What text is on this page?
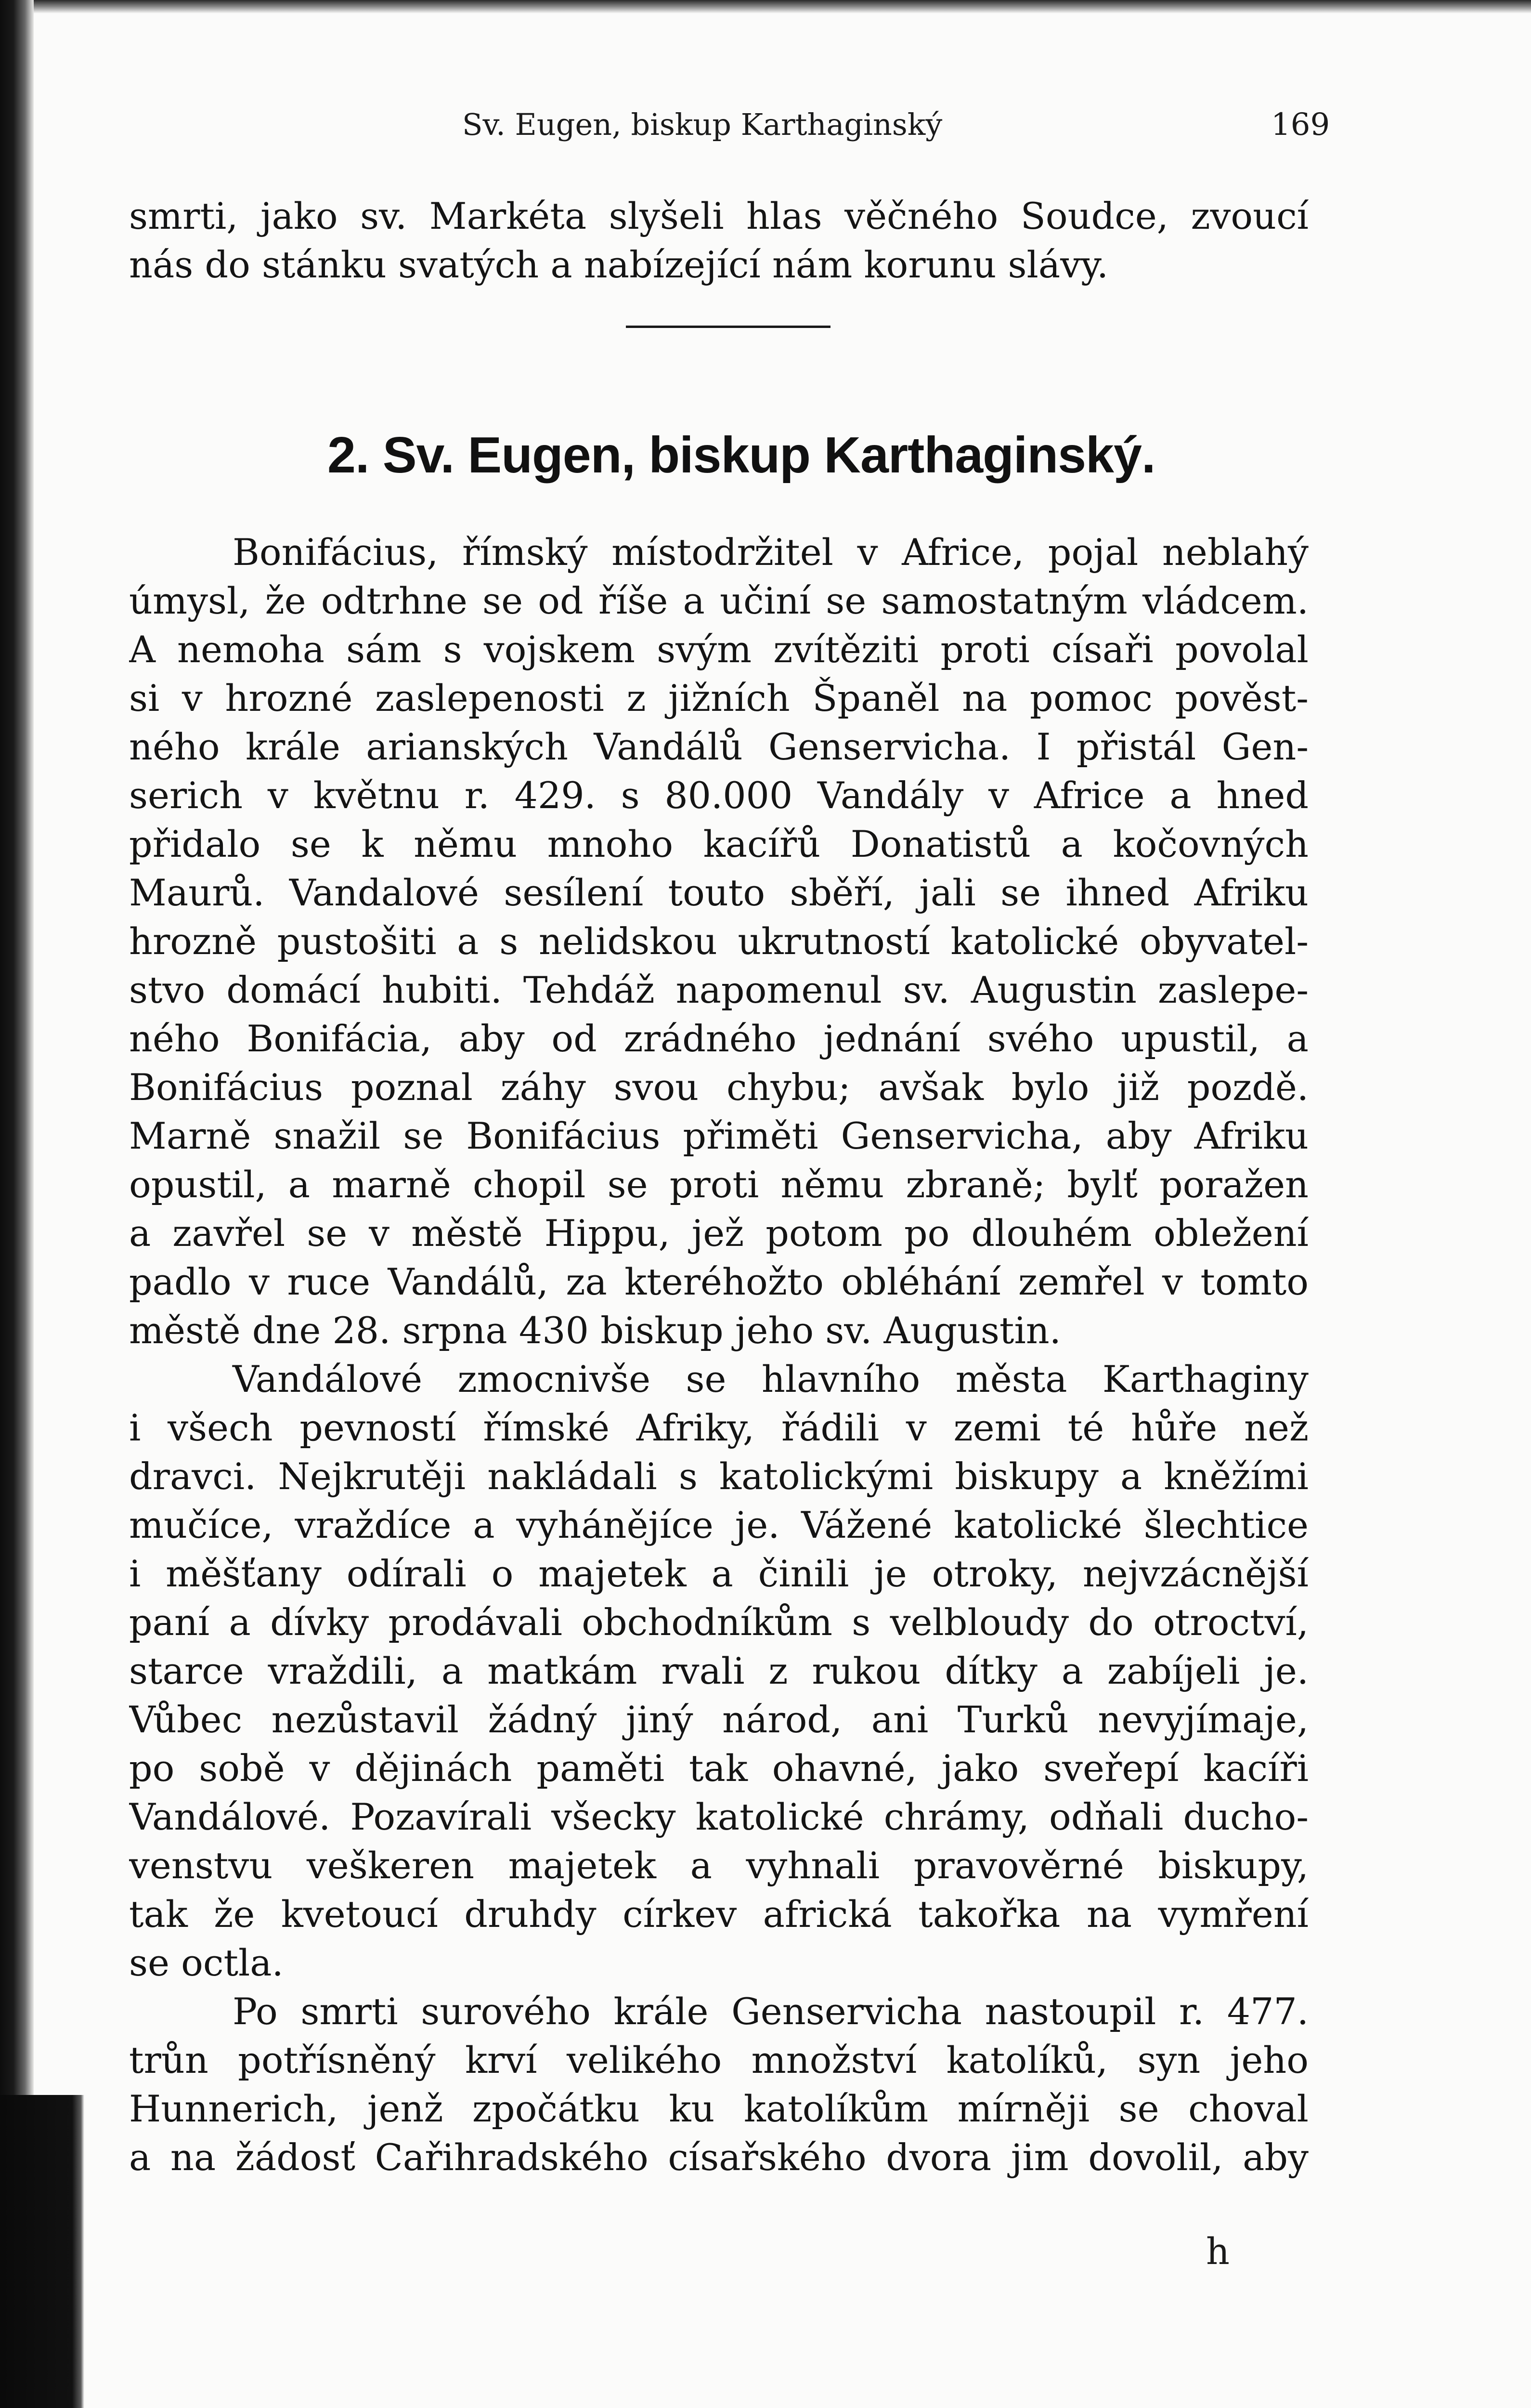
Sv. Eugen, biskup Karthaginský	169
smrti, jako sv. Markéta slyšeli hlas věčného Soudce, zvoucí
nás do stánku svatých a nabízející nám korunu slávy.
2. Sv. Eugen, biskup Karthaginský.
Bonifácius, římský místodržitel v Africe, pojal neblahý
úmysl, že odtrhne se od říše a učiní se samostatným vládcem.
A nemoha sám s vojskem svým zvítěziti proti císaři povolal
si v hrozné zaslepenosti z jižních Španěl na pomoc pověst-
ného krále arianských Vandálů Genservicha. I přistál Gen-
serich v květnu r. 429. s 80.000 Vandály v Africe a hned
přidalo se k němu mnoho kacířů Donatistů a kočovných
Maurů. Vandalové sesílení touto sběří, jali se ihned Afriku
hrozně pustošiti a s nelidskou ukrutností katolické obyvatel-
stvo domácí hubiti. Tehdáž napomenul sv. Augustin zaslepe-
ného Bonifácia, aby od zrádného jednání svého upustil, a
Bonifácius poznal záhy svou chybu; avšak bylo již pozdě.
Marně snažil se Bonifácius přiměti Genservicha, aby Afriku
opustil, a marně chopil se proti němu zbraně; bylť poražen
a zavřel se v městě Hippu, jež potom po dlouhém obležení
padlo v ruce Vandálů, za kteréhožto obléhání zemřel v tomto
městě dne 28. srpna 430 biskup jeho sv. Augustin.
Vandálové zmocnivše se hlavního města Karthaginy
i všech pevností římské Afriky, řádili v zemi té hůře než
dravci. Nejkrutěji nakládali s katolickými biskupy a kněžími
mučíce, vraždíce a vyhánějíce je. Vážené katolické šlechtice
i měšťany odírali o majetek a činili je otroky, nejvzácnější
paní a dívky prodávali obchodníkům s velbloudy do otroctví,
starce vraždili, a matkám rvali z rukou dítky a zabíjeli je.
Vůbec nezůstavil žádný jiný národ, ani Turků nevyjímaje,
po sobě v dějinách paměti tak ohavné, jako sveřepí kacíři
Vandálové. Pozavírali všecky katolické chrámy, odňali ducho-
venstvu veškeren majetek a vyhnali pravověrné biskupy,
tak že kvetoucí druhdy církev africká takořka na vymření
se octla.
Po smrti surového krále Genservicha nastoupil r. 477.
trůn potřísněný krví velikého množství katolíků, syn jeho
Hunnerich, jenž zpočátku ku katolíkům mírněji se choval
a na žádosť Cařihradského císařského dvora jim dovolil, aby
h
